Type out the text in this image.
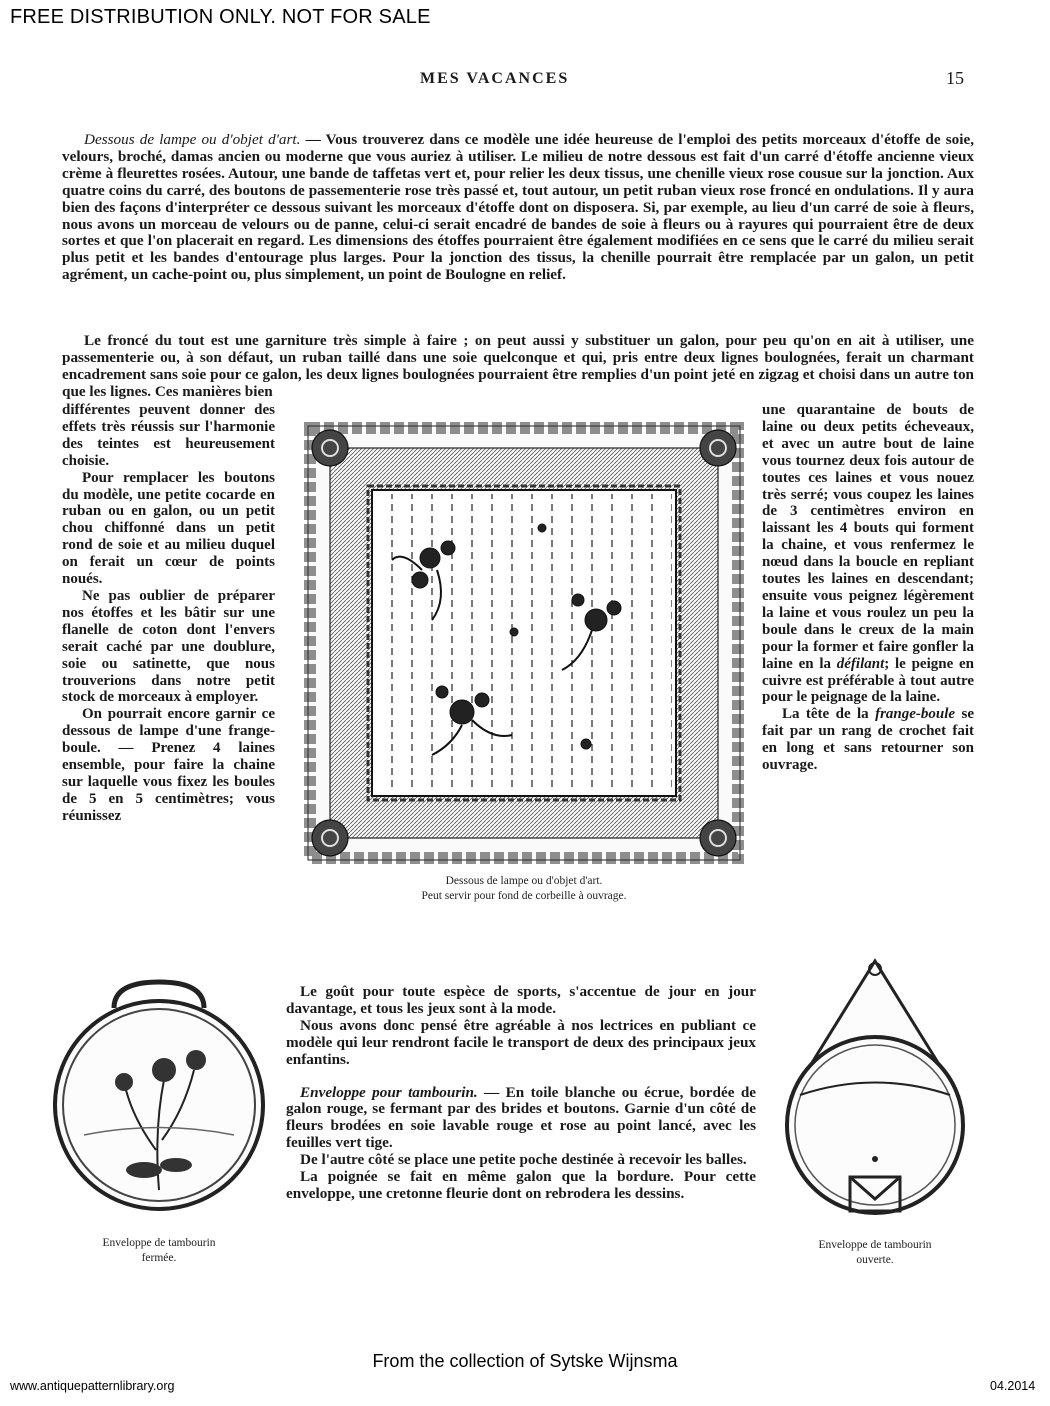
FREE DISTRIBUTION ONLY. NOT FOR SALE
MES VACANCES	15

Dessous de lampe ou d'objet d'art. — Vous trouverez dans ce modèle une idée heureuse de l'emploi des petits morceaux d'étoffe de soie, velours, broché, damas ancien ou moderne que vous auriez à utiliser. Le milieu de notre dessous est fait d'un carré d'étoffe ancienne vieux crème à fleurettes rosées. Autour, une bande de taffetas vert et, pour relier les deux tissus, une chenille vieux rose cousue sur la jonction. Aux quatre coins du carré, des boutons de passementerie rose très passé et, tout autour, un petit ruban vieux rose froncé en ondulations. Il y aura bien des façons d'interpréter ce dessous suivant les morceaux d'étoffe dont on disposera. Si, par exemple, au lieu d'un carré de soie à fleurs, nous avons un morceau de velours ou de panne, celui-ci serait encadré de bandes de soie à fleurs ou à rayures qui pourraient être de deux sortes et que l'on placerait en regard. Les dimensions des étoffes pourraient être également modifiées en ce sens que le carré du milieu serait plus petit et les bandes d'entourage plus larges. Pour la jonction des tissus, la chenille pourrait être remplacée par un galon, un petit agrément, un cache-point ou, plus simplement, un point de Boulogne en relief.

Le froncé du tout est une garniture très simple à faire ; on peut aussi y substituer un galon, pour peu qu'on en ait à utiliser, une passementerie ou, à son défaut, un ruban taillé dans une soie quelconque et qui, pris entre deux lignes boulognées, ferait un charmant encadrement sans soie pour ce galon, les deux lignes boulognées pourraient être remplies d'un point jeté en zigzag et choisi dans un autre ton que les lignes. Ces manières bien

différentes peuvent donner des effets très réussis sur l'harmonie des teintes est heureusement choisie.

Pour remplacer les boutons du modèle, une petite cocarde en ruban ou en galon, ou un petit chou chiffonné dans un petit rond de soie et au milieu duquel on ferait un cœur de points noués.

Ne pas oublier de préparer nos étoffes et les bâtir sur une flanelle de coton dont l'envers serait caché par une doublure, soie ou satinette, que nous trouverions dans notre petit stock de morceaux à employer.

On pourrait encore garnir ce dessous de lampe d'une frange-boule. — Prenez 4 laines ensemble, pour faire la chaine sur laquelle vous fixez les boules de 5 en 5 centimètres; vous réunissez

une quarantaine de bouts de laine ou deux petits écheveaux, et avec un autre bout de laine vous tournez deux fois autour de toutes ces laines et vous nouez très serré; vous coupez les laines de 3 centimètres environ en laissant les 4 bouts qui forment la chaine, et vous renfermez le nœud dans la boucle en repliant toutes les laines en descendant; ensuite vous peignez légèrement la laine et vous roulez un peu la boule dans le creux de la main pour la former et faire gonfler la laine en la défilant; le peigne en cuivre est préférable à tout autre pour le peignage de la laine.

La tête de la frange-boule se fait par un rang de crochet fait en long et sans retourner son ouvrage.

Dessous de lampe ou d'objet d'art.
Peut servir pour fond de corbeille à ouvrage.

Le goût pour toute espèce de sports, s'accentue de jour en jour davantage, et tous les jeux sont à la mode.

Nous avons donc pensé être agréable à nos lectrices en publiant ce modèle qui leur rendront facile le transport de deux des principaux jeux enfantins.

Enveloppe pour tambourin. — En toile blanche ou écrue, bordée de galon rouge, se fermant par des brides et boutons. Garnie d'un côté de fleurs brodées en soie lavable rouge et rose au point lancé, avec les feuilles vert tige.

De l'autre côté se place une petite poche destinée à recevoir les balles.

La poignée se fait en même galon que la bordure. Pour cette enveloppe, une cretonne fleurie dont on rebrodera les dessins.

Enveloppe de tambourin
fermée.
Enveloppe de tambourin
ouverte.
From the collection of Sytske Wijnsma
www.antiquepatternlibrary.org	04.2014
